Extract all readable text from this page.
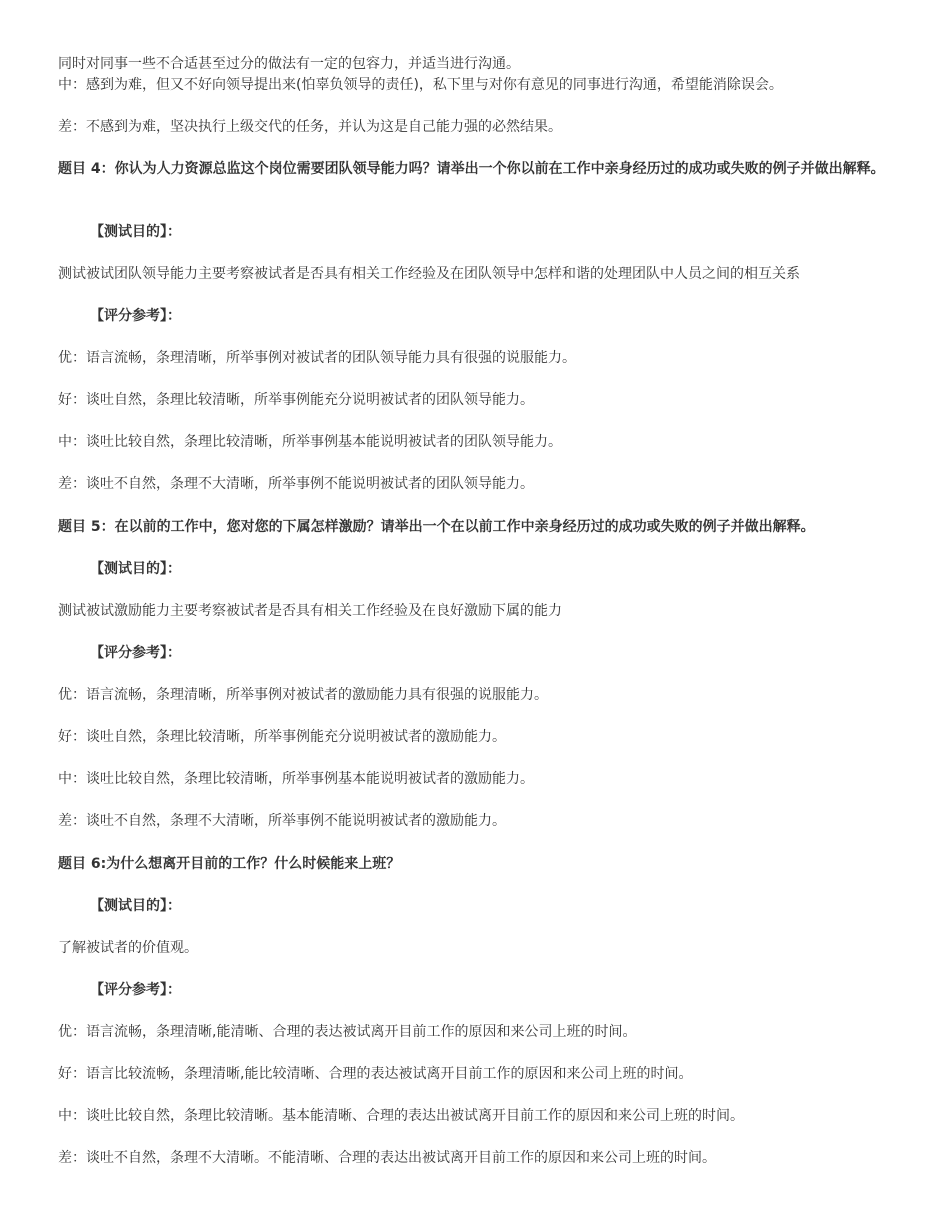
同时对同事一些不合适甚至过分的做法有一定的包容力，并适当进行沟通。
中：感到为难，但又不好向领导提出来(怕辜负领导的责任)，私下里与对你有意见的同事进行沟通，希望能消除误会。
差：不感到为难，坚决执行上级交代的任务，并认为这是自己能力强的必然结果。
题目 4：你认为人力资源总监这个岗位需要团队领导能力吗？请举出一个你以前在工作中亲身经历过的成功或失败的例子并做出解释。
【测试目的】：
测试被试团队领导能力主要考察被试者是否具有相关工作经验及在团队领导中怎样和谐的处理团队中人员之间的相互关系
【评分参考】：
优：语言流畅，条理清晰，所举事例对被试者的团队领导能力具有很强的说服能力。
好：谈吐自然，条理比较清晰，所举事例能充分说明被试者的团队领导能力。
中：谈吐比较自然，条理比较清晰，所举事例基本能说明被试者的团队领导能力。
差：谈吐不自然，条理不大清晰，所举事例不能说明被试者的团队领导能力。
题目 5：在以前的工作中，您对您的下属怎样激励？请举出一个在以前工作中亲身经历过的成功或失败的例子并做出解释。
【测试目的】：
测试被试激励能力主要考察被试者是否具有相关工作经验及在良好激励下属的能力
【评分参考】：
优：语言流畅，条理清晰，所举事例对被试者的激励能力具有很强的说服能力。
好：谈吐自然，条理比较清晰，所举事例能充分说明被试者的激励能力。
中：谈吐比较自然，条理比较清晰，所举事例基本能说明被试者的激励能力。
差：谈吐不自然，条理不大清晰，所举事例不能说明被试者的激励能力。
题目 6:为什么想离开目前的工作？什么时候能来上班？
【测试目的】：
了解被试者的价值观。
【评分参考】：
优：语言流畅，条理清晰,能清晰、合理的表达被试离开目前工作的原因和来公司上班的时间。
好：语言比较流畅，条理清晰,能比较清晰、合理的表达被试离开目前工作的原因和来公司上班的时间。
中：谈吐比较自然，条理比较清晰。基本能清晰、合理的表达出被试离开目前工作的原因和来公司上班的时间。
差：谈吐不自然，条理不大清晰。不能清晰、合理的表达出被试离开目前工作的原因和来公司上班的时间。
